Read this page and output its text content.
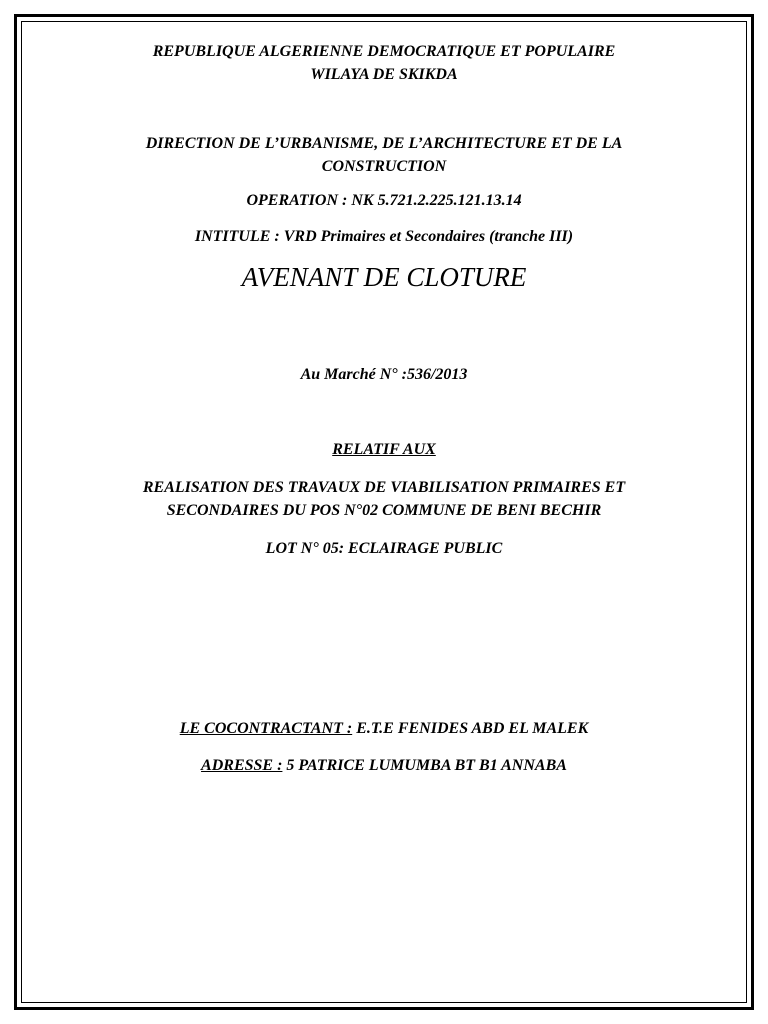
REPUBLIQUE ALGERIENNE DEMOCRATIQUE ET POPULAIRE
WILAYA DE SKIKDA
DIRECTION DE L’URBANISME, DE L’ARCHITECTURE ET DE LA
CONSTRUCTION
OPERATION : NK 5.721.2.225.121.13.14
INTITULE : VRD Primaires et Secondaires (tranche III)
AVENANT DE CLOTURE
Au Marché N° :536/2013
RELATIF AUX
REALISATION DES TRAVAUX DE VIABILISATION PRIMAIRES ET
SECONDAIRES DU POS N°02 COMMUNE DE BENI BECHIR
LOT N° 05: ECLAIRAGE PUBLIC
LE COCONTRACTANT : E.T.E FENIDES ABD EL MALEK
ADRESSE : 5 PATRICE LUMUMBA BT B1 ANNABA
